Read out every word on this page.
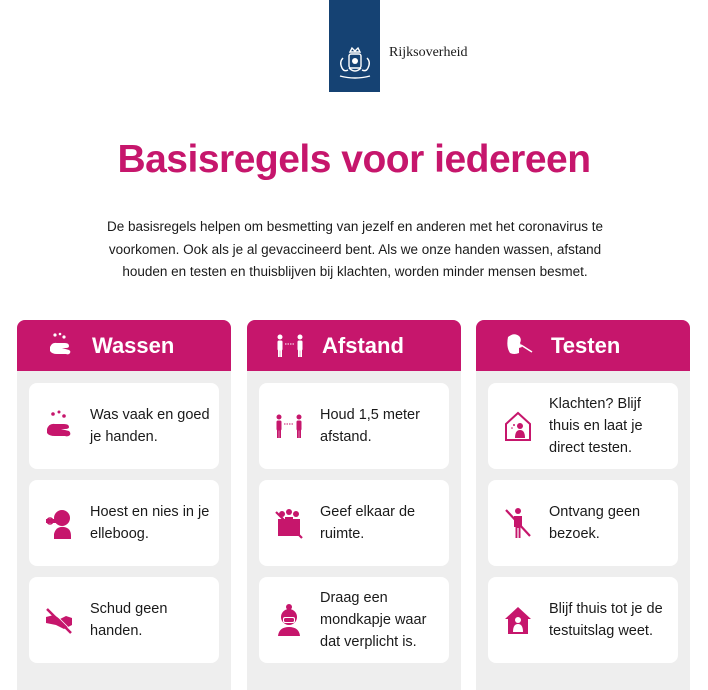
Rijksoverheid
Basisregels voor iedereen

De basisregels helpen om besmetting van jezelf en anderen met het coronavirus te voorkomen. Ook als je al gevaccineerd bent. Als we onze handen wassen, afstand houden en testen en thuisblijven bij klachten, worden minder mensen besmet.

Wassen
Was vaak en goed je handen.
Hoest en nies in je elleboog.
Schud geen handen.
Afstand
Houd 1,5 meter afstand.
Geef elkaar de ruimte.
Draag een mondkapje waar dat verplicht is.
Testen
Klachten? Blijf thuis en laat je direct testen.
Ontvang geen bezoek.
Blijf thuis tot je de testuitslag weet.
